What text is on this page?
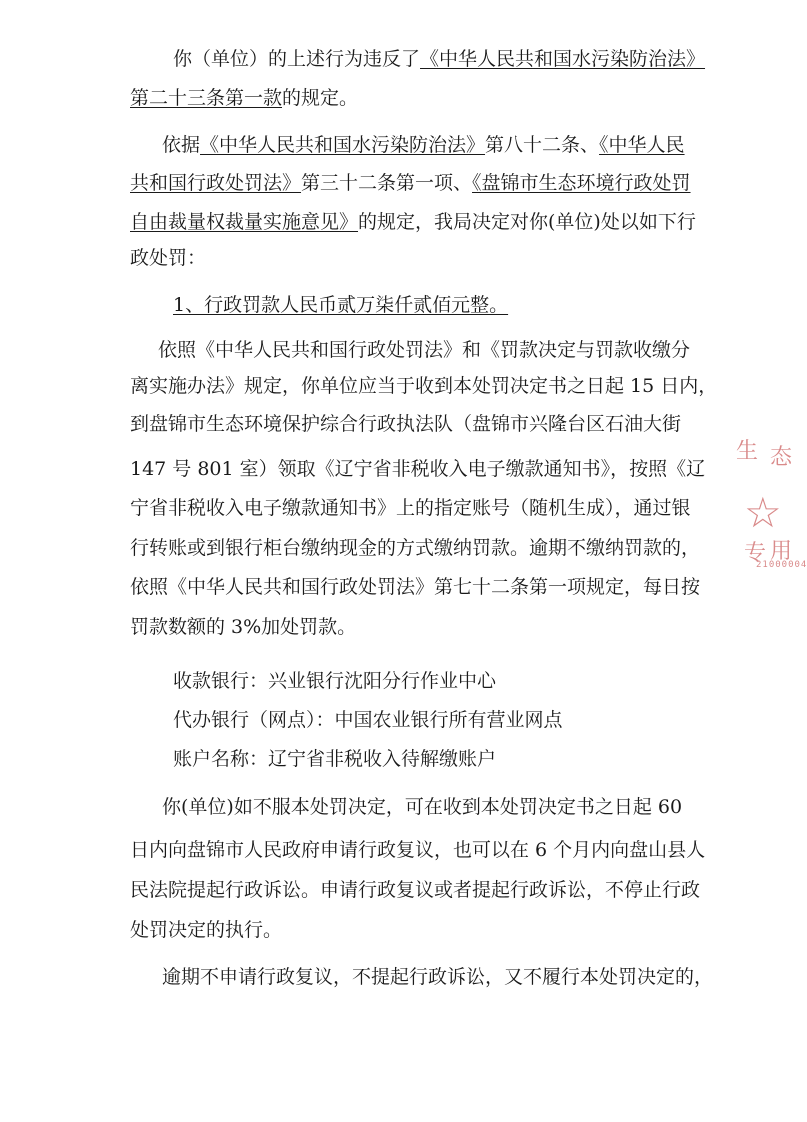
你（单位）的上述行为违反了《中华人民共和国水污染防治法》
第二十三条第一款的规定。
依据《中华人民共和国水污染防治法》第八十二条、《中华人民
共和国行政处罚法》第三十二条第一项、《盘锦市生态环境行政处罚
自由裁量权裁量实施意见》的规定，我局决定对你(单位)处以如下行
政处罚：
1、行政罚款人民币贰万柒仟贰佰元整。
依照《中华人民共和国行政处罚法》和《罚款决定与罚款收缴分
离实施办法》规定，你单位应当于收到本处罚决定书之日起 15 日内，
到盘锦市生态环境保护综合行政执法队（盘锦市兴隆台区石油大街
147 号 801 室）领取《辽宁省非税收入电子缴款通知书》，按照《辽
宁省非税收入电子缴款通知书》上的指定账号（随机生成），通过银
行转账或到银行柜台缴纳现金的方式缴纳罚款。逾期不缴纳罚款的，
依照《中华人民共和国行政处罚法》第七十二条第一项规定，每日按
罚款数额的 3%加处罚款。
收款银行：兴业银行沈阳分行作业中心
代办银行（网点）：中国农业银行所有营业网点
账户名称：辽宁省非税收入待解缴账户
你(单位)如不服本处罚决定，可在收到本处罚决定书之日起 60
日内向盘锦市人民政府申请行政复议，也可以在 6 个月内向盘山县人
民法院提起行政诉讼。申请行政复议或者提起行政诉讼，不停止行政
处罚决定的执行。
逾期不申请行政复议，不提起行政诉讼，又不履行本处罚决定的，
生 态
☆
专 用
21000004
